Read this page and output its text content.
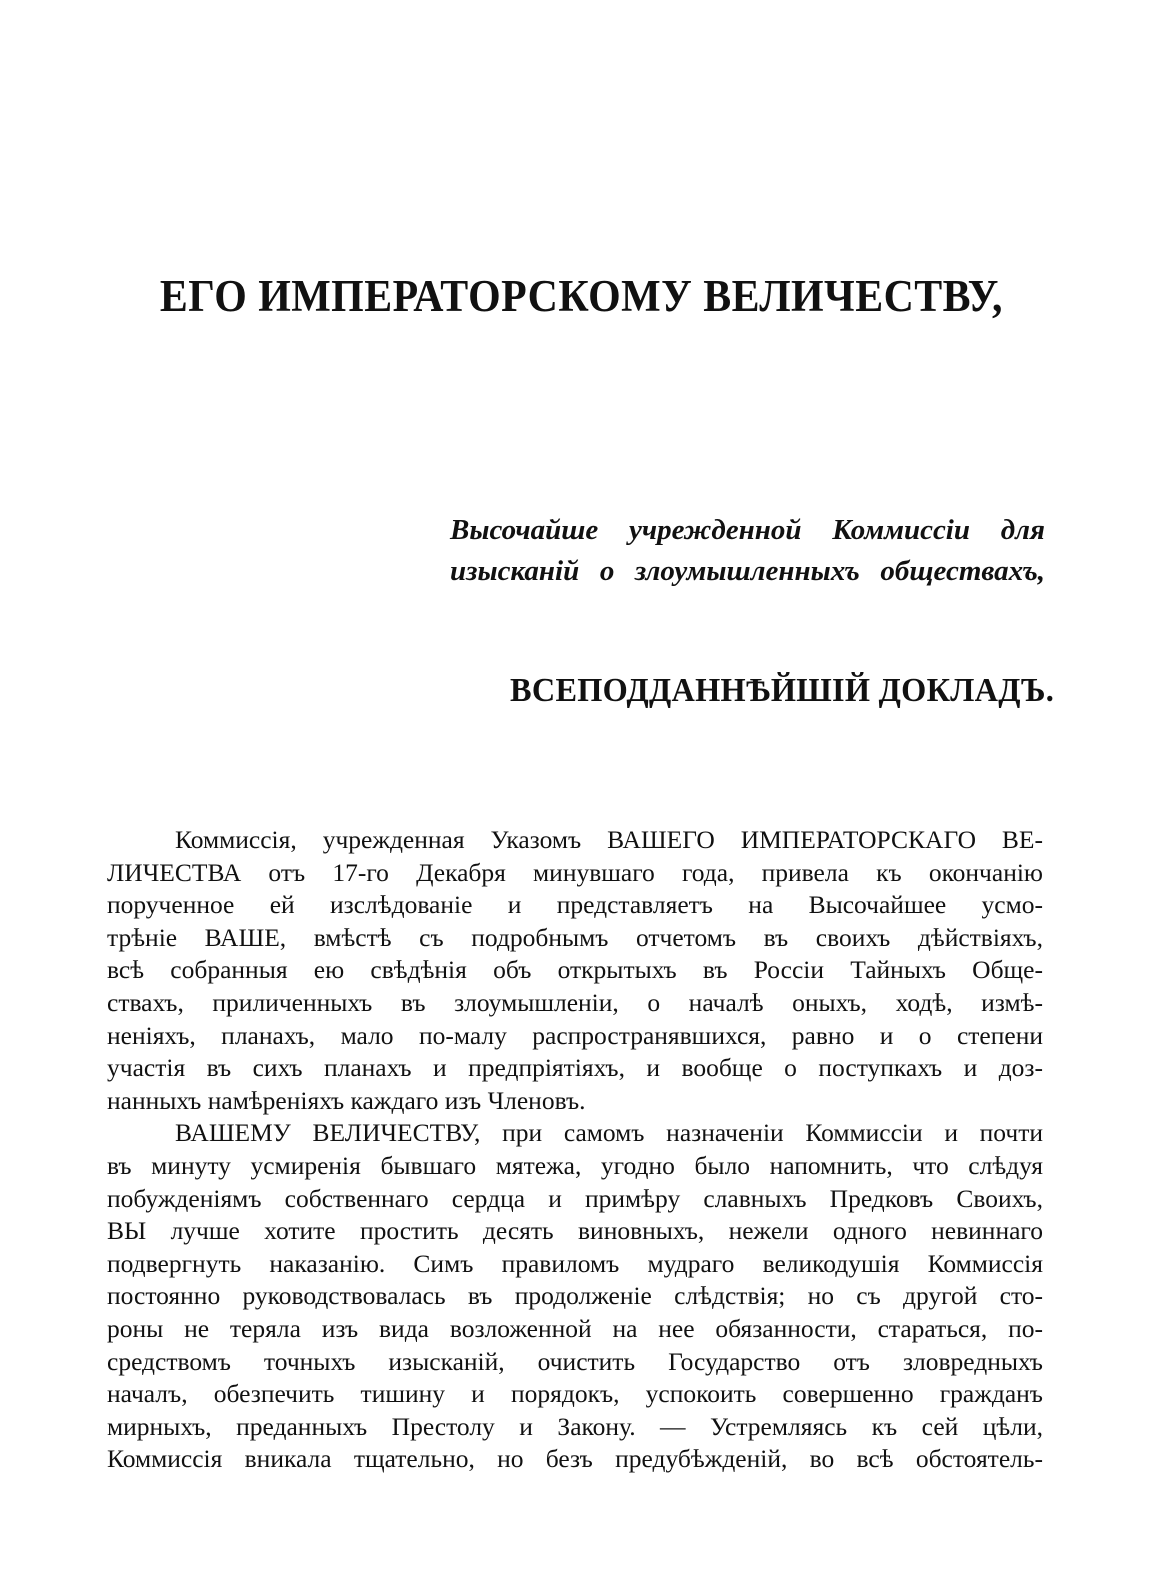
ЕГО ИМПЕРАТОРСКОМУ ВЕЛИЧЕСТВУ,
Высочайше учрежденной Коммиссіи для
изысканій о злоумышленныхъ обществахъ,
ВСЕПОДДАННѢЙШІЙ ДОКЛАДЪ.
Коммиссія, учрежденная Указомъ ВАШЕГО ИМПЕРАТОРСКАГО ВЕ-
ЛИЧЕСТВА отъ 17-го Декабря минувшаго года, привела къ окончанію
порученное ей изслѣдованіе и представляетъ на Высочайшее усмо-
трѣніе ВАШЕ, вмѣстѣ съ подробнымъ отчетомъ въ своихъ дѣйствіяхъ,
всѣ собранныя ею свѣдѣнія объ открытыхъ въ Россіи Тайныхъ Обще-
ствахъ, приличенныхъ въ злоумышленіи, о началѣ оныхъ, ходѣ, измѣ-
неніяхъ, планахъ, мало по-малу распространявшихся, равно и о степени
участія въ сихъ планахъ и предпріятіяхъ, и вообще о поступкахъ и доз-
нанныхъ намѣреніяхъ каждаго изъ Членовъ.
ВАШЕМУ ВЕЛИЧЕСТВУ, при самомъ назначеніи Коммиссіи и почти
въ минуту усмиренія бывшаго мятежа, угодно было напомнить, что слѣдуя
побужденіямъ собственнаго сердца и примѣру славныхъ Предковъ Своихъ,
ВЫ лучше хотите простить десять виновныхъ, нежели одного невиннаго
подвергнуть наказанію. Симъ правиломъ мудраго великодушія Коммиссія
постоянно руководствовалась въ продолженіе слѣдствія; но съ другой сто-
роны не теряла изъ вида возложенной на нее обязанности, стараться, по-
средствомъ точныхъ изысканій, очистить Государство отъ зловредныхъ
началъ, обезпечить тишину и порядокъ, успокоить совершенно гражданъ
мирныхъ, преданныхъ Престолу и Закону. — Устремляясь къ сей цѣли,
Коммиссія вникала тщательно, но безъ предубѣжденій, во всѣ обстоятель-
